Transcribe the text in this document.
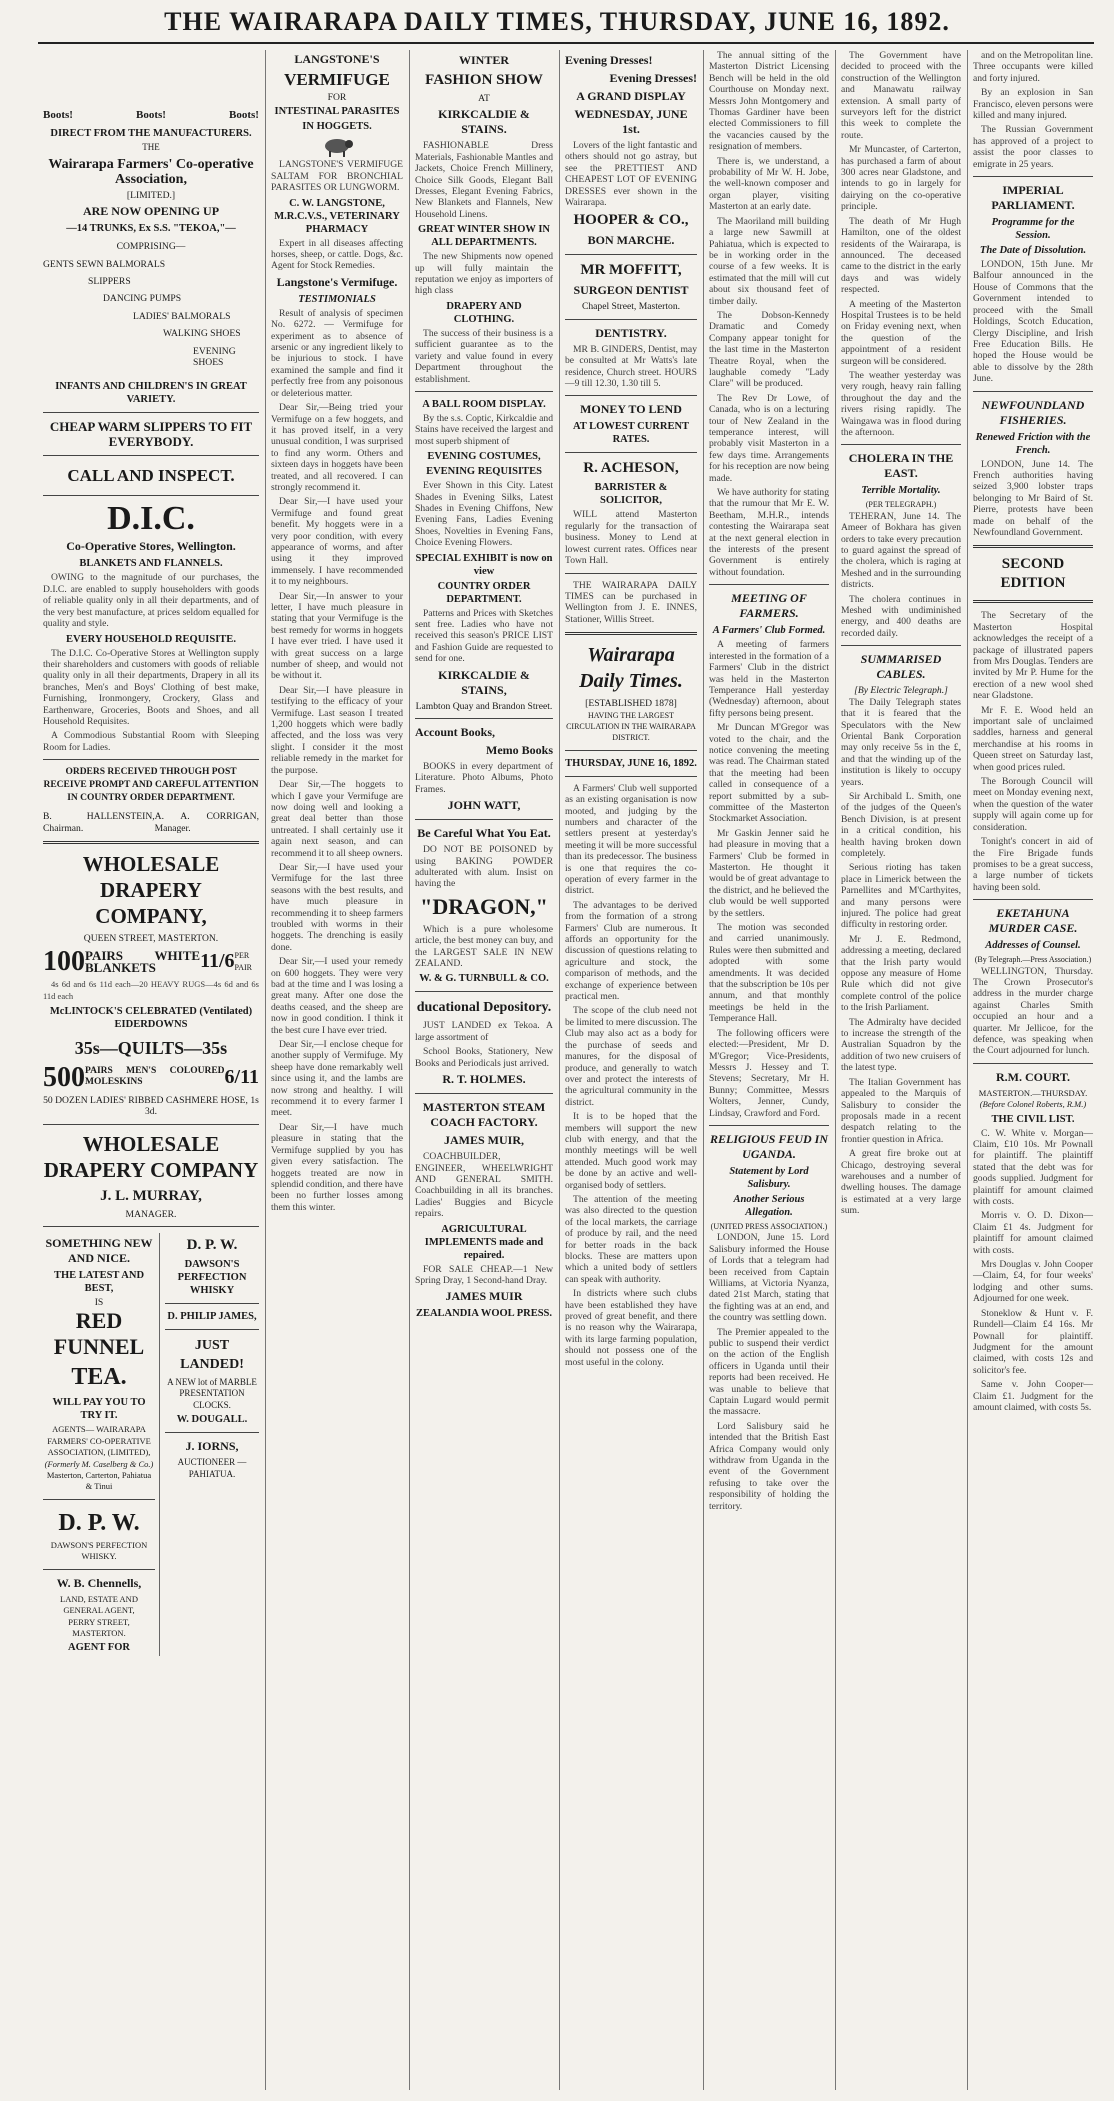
THE WAIRARAPA DAILY TIMES, THURSDAY, JUNE 16, 1892.
Boots!	Boots!	Boots!
DIRECT FROM THE MANUFACTURERS.
THE
Wairarapa Farmers' Co-operative Association,
[LIMITED.]
ARE NOW OPENING UP
—14 TRUNKS, Ex S.S. "TEKOA,"—
COMPRISING—
GENTS SEWN BALMORALS
SLIPPERS
DANCING PUMPS
LADIES' BALMORALS
WALKING SHOES
EVENING SHOES
INFANTS AND CHILDREN'S IN GREAT VARIETY.
CHEAP WARM SLIPPERS TO FIT EVERYBODY.
CALL AND INSPECT.
D.I.C.
Co-Operative Stores, Wellington.
BLANKETS AND FLANNELS.

OWING to the magnitude of our purchases, the D.I.C. are enabled to supply householders with goods of reliable quality only in all their departments, and of the very best manufacture, at prices seldom equalled for quality and style.

EVERY HOUSEHOLD REQUISITE.

The D.I.C. Co-Operative Stores at Wellington supply their shareholders and customers with goods of reliable quality only in all their departments, Drapery in all its branches, Men's and Boys' Clothing of best make, Furnishing, Ironmongery, Crockery, Glass and Earthenware, Groceries, Boots and Shoes, and all Household Requisites.

A Commodious Substantial Room with Sleeping Room for Ladies.

ORDERS RECEIVED THROUGH POST RECEIVE PROMPT AND CAREFUL ATTENTION IN COUNTRY ORDER DEPARTMENT.
B. HALLENSTEIN, Chairman.
A. A. CORRIGAN, Manager.
WHOLESALE DRAPERY COMPANY,
QUEEN STREET, MASTERTON.
100 PAIRS WHITE BLANKETS	11/6 PER PAIR

4s 6d and 6s 11d each—20 HEAVY RUGS—4s 6d and 6s 11d each

McLINTOCK'S CELEBRATED (Ventilated) EIDERDOWNS
35s—QUILTS—35s
500 PAIRS MEN'S COLOURED MOLESKINS	6/11
50 DOZEN LADIES' RIBBED CASHMERE HOSE, 1s 3d.
WHOLESALE DRAPERY COMPANY
J. L. MURRAY,
MANAGER.
SOMETHING NEW AND NICE.
THE LATEST AND BEST,
IS
RED FUNNEL
TEA.
WILL PAY YOU TO TRY IT.
AGENTS— WAIRARAPA FARMERS' CO-OPERATIVE ASSOCIATION, (LIMITED),
(Formerly M. Caselberg & Co.)
Masterton, Carterton, Pahiatua & Tinui
D. P. W.
DAWSON'S PERFECTION WHISKY.
W. B. Chennells,
LAND, ESTATE AND GENERAL AGENT,
PERRY STREET, MASTERTON.
AGENT FOR
D. P. W.
DAWSON'S PERFECTION WHISKY
D. PHILIP JAMES,
JUST LANDED!
A NEW lot of MARBLE PRESENTATION CLOCKS.
W. DOUGALL.
J. IORNS,
AUCTIONEER — PAHIATUA.
LANGSTONE'S
VERMIFUGE
FOR
INTESTINAL PARASITES
IN HOGGETS.

LANGSTONE'S VERMIFUGE SALTAM FOR BRONCHIAL PARASITES OR LUNGWORM.

C. W. LANGSTONE, M.R.C.V.S., VETERINARY PHARMACY

Expert in all diseases affecting horses, sheep, or cattle. Dogs, &c. Agent for Stock Remedies.

Langstone's Vermifuge.
TESTIMONIALS

Result of analysis of specimen No. 6272. — Vermifuge for experiment as to absence of arsenic or any ingredient likely to be injurious to stock. I have examined the sample and find it perfectly free from any poisonous or deleterious matter.

Dear Sir,—Being tried your Vermifuge on a few hoggets, and it has proved itself, in a very unusual condition, I was surprised to find any worm. Others and sixteen days in hoggets have been treated, and all recovered. I can strongly recommend it.

Dear Sir,—I have used your Vermifuge and found great benefit. My hoggets were in a very poor condition, with every appearance of worms, and after using it they improved immensely. I have recommended it to my neighbours.

Dear Sir,—In answer to your letter, I have much pleasure in stating that your Vermifuge is the best remedy for worms in hoggets I have ever tried. I have used it with great success on a large number of sheep, and would not be without it.

Dear Sir,—I have pleasure in testifying to the efficacy of your Vermifuge. Last season I treated 1,200 hoggets which were badly affected, and the loss was very slight. I consider it the most reliable remedy in the market for the purpose.

Dear Sir,—The hoggets to which I gave your Vermifuge are now doing well and looking a great deal better than those untreated. I shall certainly use it again next season, and can recommend it to all sheep owners.

Dear Sir,—I have used your Vermifuge for the last three seasons with the best results, and have much pleasure in recommending it to sheep farmers troubled with worms in their hoggets. The drenching is easily done.

Dear Sir,—I used your remedy on 600 hoggets. They were very bad at the time and I was losing a great many. After one dose the deaths ceased, and the sheep are now in good condition. I think it the best cure I have ever tried.

Dear Sir,—I enclose cheque for another supply of Vermifuge. My sheep have done remarkably well since using it, and the lambs are now strong and healthy. I will recommend it to every farmer I meet.

Dear Sir,—I have much pleasure in stating that the Vermifuge supplied by you has given every satisfaction. The hoggets treated are now in splendid condition, and there have been no further losses among them this winter.

WINTER
FASHION SHOW
AT
KIRKCALDIE & STAINS.

FASHIONABLE Dress Materials, Fashionable Mantles and Jackets, Choice French Millinery, Choice Silk Goods, Elegant Ball Dresses, Elegant Evening Fabrics, New Blankets and Flannels, New Household Linens.

GREAT WINTER SHOW IN ALL DEPARTMENTS.

The new Shipments now opened up will fully maintain the reputation we enjoy as importers of high class

DRAPERY AND CLOTHING.

The success of their business is a sufficient guarantee as to the variety and value found in every Department throughout the establishment.

A BALL ROOM DISPLAY.

By the s.s. Coptic, Kirkcaldie and Stains have received the largest and most superb shipment of

EVENING COSTUMES,
EVENING REQUISITES

Ever Shown in this City. Latest Shades in Evening Silks, Latest Shades in Evening Chiffons, New Evening Fans, Ladies Evening Shoes, Novelties in Evening Fans, Choice Evening Flowers.

SPECIAL EXHIBIT is now on view
COUNTRY ORDER DEPARTMENT.

Patterns and Prices with Sketches sent free. Ladies who have not received this season's PRICE LIST and Fashion Guide are requested to send for one.

KIRKCALDIE & STAINS,
Lambton Quay and Brandon Street.
Account Books,
Memo Books

BOOKS in every department of Literature. Photo Albums, Photo Frames.

JOHN WATT,
Be Careful What You Eat.

DO NOT BE POISONED by using BAKING POWDER adulterated with alum. Insist on having the

"DRAGON,"

Which is a pure wholesome article, the best money can buy, and the LARGEST SALE IN NEW ZEALAND.

W. & G. TURNBULL & CO.
ducational Depository.

JUST LANDED ex Tekoa. A large assortment of

School Books, Stationery, New Books and Periodicals just arrived.

R. T. HOLMES.
MASTERTON STEAM COACH FACTORY.
JAMES MUIR,

COACHBUILDER, ENGINEER, WHEELWRIGHT AND GENERAL SMITH. Coachbuilding in all its branches. Ladies' Buggies and Bicycle repairs.

AGRICULTURAL IMPLEMENTS made and repaired.

FOR SALE CHEAP.—1 New Spring Dray, 1 Second-hand Dray.

JAMES MUIR
ZEALANDIA WOOL PRESS.
Evening Dresses!
Evening Dresses!
A GRAND DISPLAY
WEDNESDAY, JUNE 1st.

Lovers of the light fantastic and others should not go astray, but see the PRETTIEST AND CHEAPEST LOT OF EVENING DRESSES ever shown in the Wairarapa.

HOOPER & CO.,
BON MARCHE.
MR MOFFITT,
SURGEON DENTIST
Chapel Street, Masterton.
DENTISTRY.

MR B. GINDERS, Dentist, may be consulted at Mr Watts's late residence, Church street. HOURS—9 till 12.30, 1.30 till 5.

MONEY TO LEND
AT LOWEST CURRENT RATES.
R. ACHESON,
BARRISTER & SOLICITOR,

WILL attend Masterton regularly for the transaction of business. Money to Lend at lowest current rates. Offices near Town Hall.

THE WAIRARAPA DAILY TIMES can be purchased in Wellington from J. E. INNES, Stationer, Willis Street.

Wairarapa Daily Times.
[ESTABLISHED 1878]
HAVING THE LARGEST CIRCULATION IN THE WAIRARAPA DISTRICT.
THURSDAY, JUNE 16, 1892.

A Farmers' Club well supported as an existing organisation is now mooted, and judging by the numbers and character of the settlers present at yesterday's meeting it will be more successful than its predecessor. The business is one that requires the co-operation of every farmer in the district.

The advantages to be derived from the formation of a strong Farmers' Club are numerous. It affords an opportunity for the discussion of questions relating to agriculture and stock, the comparison of methods, and the exchange of experience between practical men.

The scope of the club need not be limited to mere discussion. The Club may also act as a body for the purchase of seeds and manures, for the disposal of produce, and generally to watch over and protect the interests of the agricultural community in the district.

It is to be hoped that the members will support the new club with energy, and that the monthly meetings will be well attended. Much good work may be done by an active and well-organised body of settlers.

The attention of the meeting was also directed to the question of the local markets, the carriage of produce by rail, and the need for better roads in the back blocks. These are matters upon which a united body of settlers can speak with authority.

In districts where such clubs have been established they have proved of great benefit, and there is no reason why the Wairarapa, with its large farming population, should not possess one of the most useful in the colony.

The annual sitting of the Masterton District Licensing Bench will be held in the old Courthouse on Monday next. Messrs John Montgomery and Thomas Gardiner have been elected Commissioners to fill the vacancies caused by the resignation of members.

There is, we understand, a probability of Mr W. H. Jobe, the well-known composer and organ player, visiting Masterton at an early date.

The Maoriland mill building a large new Sawmill at Pahiatua, which is expected to be in working order in the course of a few weeks. It is estimated that the mill will cut about six thousand feet of timber daily.

The Dobson-Kennedy Dramatic and Comedy Company appear tonight for the last time in the Masterton Theatre Royal, when the laughable comedy "Lady Clare" will be produced.

The Rev Dr Lowe, of Canada, who is on a lecturing tour of New Zealand in the temperance interest, will probably visit Masterton in a few days time. Arrangements for his reception are now being made.

We have authority for stating that the rumour that Mr E. W. Beetham, M.H.R., intends contesting the Wairarapa seat at the next general election in the interests of the present Government is entirely without foundation.

MEETING OF FARMERS.
A Farmers' Club Formed.

A meeting of farmers interested in the formation of a Farmers' Club in the district was held in the Masterton Temperance Hall yesterday (Wednesday) afternoon, about fifty persons being present.

Mr Duncan M'Gregor was voted to the chair, and the notice convening the meeting was read. The Chairman stated that the meeting had been called in consequence of a report submitted by a sub-committee of the Masterton Stockmarket Association.

Mr Gaskin Jenner said he had pleasure in moving that a Farmers' Club be formed in Masterton. He thought it would be of great advantage to the district, and he believed the club would be well supported by the settlers.

The motion was seconded and carried unanimously. Rules were then submitted and adopted with some amendments. It was decided that the subscription be 10s per annum, and that monthly meetings be held in the Temperance Hall.

The following officers were elected:—President, Mr D. M'Gregor; Vice-Presidents, Messrs J. Hessey and T. Stevens; Secretary, Mr H. Bunny; Committee, Messrs Wolters, Jenner, Cundy, Lindsay, Crawford and Ford.

RELIGIOUS FEUD IN UGANDA.
Statement by Lord Salisbury.
Another Serious Allegation.
(UNITED PRESS ASSOCIATION.)

LONDON, June 15. Lord Salisbury informed the House of Lords that a telegram had been received from Captain Williams, at Victoria Nyanza, dated 21st March, stating that the fighting was at an end, and the country was settling down.

The Premier appealed to the public to suspend their verdict on the action of the English officers in Uganda until their reports had been received. He was unable to believe that Captain Lugard would permit the massacre.

Lord Salisbury said he intended that the British East Africa Company would only withdraw from Uganda in the event of the Government refusing to take over the responsibility of holding the territory.

The Government have decided to proceed with the construction of the Wellington and Manawatu railway extension. A small party of surveyors left for the district this week to complete the route.

Mr Muncaster, of Carterton, has purchased a farm of about 300 acres near Gladstone, and intends to go in largely for dairying on the co-operative principle.

The death of Mr Hugh Hamilton, one of the oldest residents of the Wairarapa, is announced. The deceased came to the district in the early days and was widely respected.

A meeting of the Masterton Hospital Trustees is to be held on Friday evening next, when the question of the appointment of a resident surgeon will be considered.

The weather yesterday was very rough, heavy rain falling throughout the day and the rivers rising rapidly. The Waingawa was in flood during the afternoon.

CHOLERA IN THE EAST.
Terrible Mortality.
(PER TELEGRAPH.)

TEHERAN, June 14. The Ameer of Bokhara has given orders to take every precaution to guard against the spread of the cholera, which is raging at Meshed and in the surrounding districts.

The cholera continues in Meshed with undiminished energy, and 400 deaths are recorded daily.

SUMMARISED CABLES.
[By Electric Telegraph.]

The Daily Telegraph states that it is feared that the Speculators with the New Oriental Bank Corporation may only receive 5s in the £, and that the winding up of the institution is likely to occupy years.

Sir Archibald L. Smith, one of the judges of the Queen's Bench Division, is at present in a critical condition, his health having broken down completely.

Serious rioting has taken place in Limerick between the Parnellites and M'Carthyites, and many persons were injured. The police had great difficulty in restoring order.

Mr J. E. Redmond, addressing a meeting, declared that the Irish party would oppose any measure of Home Rule which did not give complete control of the police to the Irish Parliament.

The Admiralty have decided to increase the strength of the Australian Squadron by the addition of two new cruisers of the latest type.

The Italian Government has appealed to the Marquis of Salisbury to consider the proposals made in a recent despatch relating to the frontier question in Africa.

A great fire broke out at Chicago, destroying several warehouses and a number of dwelling houses. The damage is estimated at a very large sum.

and on the Metropolitan line. Three occupants were killed and forty injured.

By an explosion in San Francisco, eleven persons were killed and many injured.

The Russian Government has approved of a project to assist the poor classes to emigrate in 25 years.

IMPERIAL PARLIAMENT.
Programme for the Session.
The Date of Dissolution.

LONDON, 15th June. Mr Balfour announced in the House of Commons that the Government intended to proceed with the Small Holdings, Scotch Education, Clergy Discipline, and Irish Free Education Bills. He hoped the House would be able to dissolve by the 28th June.

NEWFOUNDLAND FISHERIES.
Renewed Friction with the French.

LONDON, June 14. The French authorities having seized 3,900 lobster traps belonging to Mr Baird of St. Pierre, protests have been made on behalf of the Newfoundland Government.

SECOND EDITION

The Secretary of the Masterton Hospital acknowledges the receipt of a package of illustrated papers from Mrs Douglas. Tenders are invited by Mr P. Hume for the erection of a new wool shed near Gladstone.

Mr F. E. Wood held an important sale of unclaimed saddles, harness and general merchandise at his rooms in Queen street on Saturday last, when good prices ruled.

The Borough Council will meet on Monday evening next, when the question of the water supply will again come up for consideration.

Tonight's concert in aid of the Fire Brigade funds promises to be a great success, a large number of tickets having been sold.

EKETAHUNA MURDER CASE.
Addresses of Counsel.
(By Telegraph.—Press Association.)

WELLINGTON, Thursday. The Crown Prosecutor's address in the murder charge against Charles Smith occupied an hour and a quarter. Mr Jellicoe, for the defence, was speaking when the Court adjourned for lunch.

R.M. COURT.
MASTERTON.—THURSDAY.
(Before Colonel Roberts, R.M.)
THE CIVIL LIST.

C. W. White v. Morgan—Claim, £10 10s. Mr Pownall for plaintiff. The plaintiff stated that the debt was for goods supplied. Judgment for plaintiff for amount claimed with costs.

Morris v. O. D. Dixon—Claim £1 4s. Judgment for plaintiff for amount claimed with costs.

Mrs Douglas v. John Cooper—Claim, £4, for four weeks' lodging and other sums. Adjourned for one week.

Stoneklow & Hunt v. F. Rundell—Claim £4 16s. Mr Pownall for plaintiff. Judgment for the amount claimed, with costs 12s and solicitor's fee.

Same v. John Cooper—Claim £1. Judgment for the amount claimed, with costs 5s.
